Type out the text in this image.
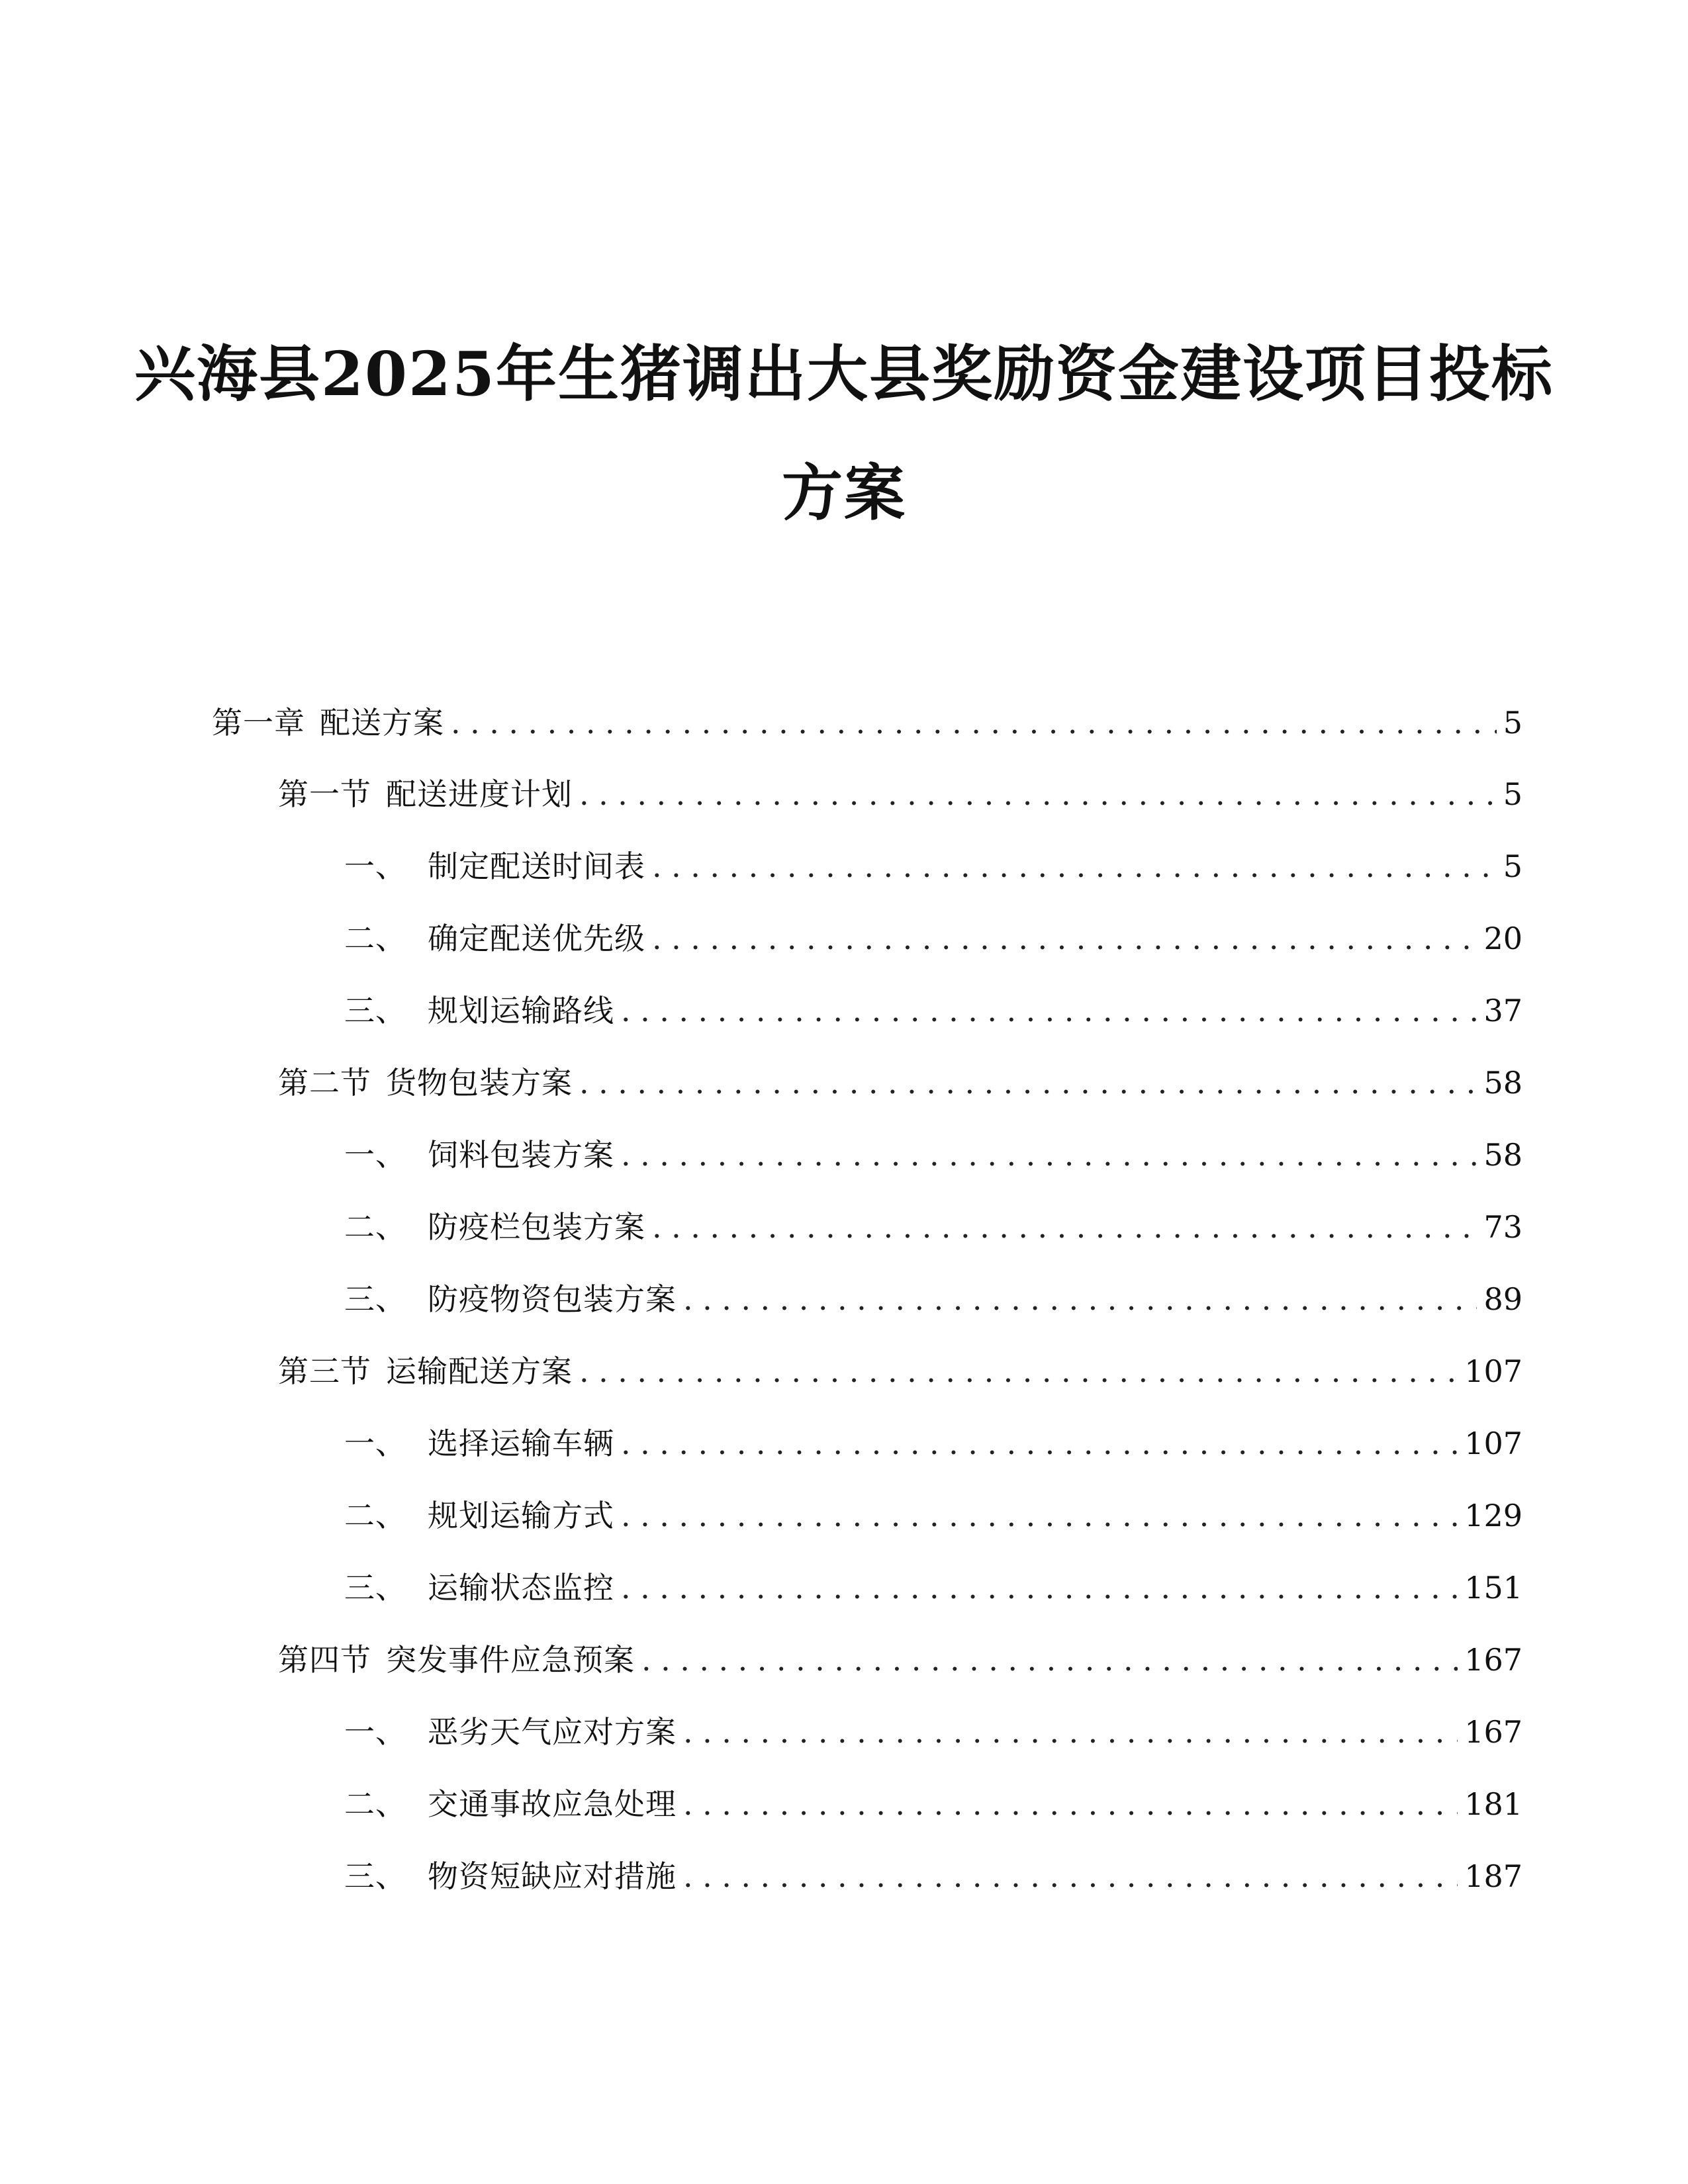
兴海县2025年生猪调出大县奖励资金建设项目投标
方案
第一章 配送方案 .....	5
第一节 配送进度计划 .....	5
一、 制定配送时间表 .....	5
二、 确定配送优先级 .....	20
三、 规划运输路线 .....	37
第二节 货物包装方案 .....	58
一、 饲料包装方案 .....	58
二、 防疫栏包装方案 .....	73
三、 防疫物资包装方案 .....	89
第三节 运输配送方案 .....	107
一、 选择运输车辆 .....	107
二、 规划运输方式 .....	129
三、 运输状态监控 .....	151
第四节 突发事件应急预案 .....	167
一、 恶劣天气应对方案 .....	167
二、 交通事故应急处理 .....	181
三、 物资短缺应对措施 .....	187
